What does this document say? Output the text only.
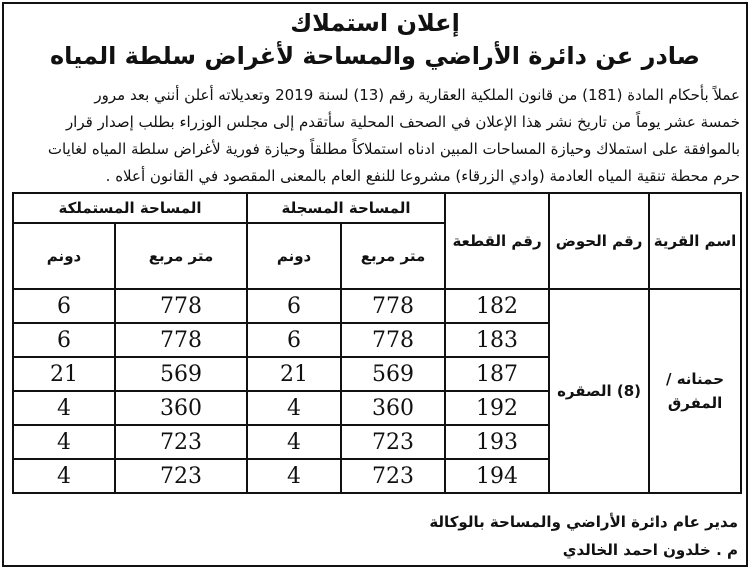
إعلان استملاك
صادر عن دائرة الأراضي والمساحة لأغراض سلطة المياه

عملاً بأحكام المادة (181) من قانون الملكية العقارية رقم (13) لسنة 2019 وتعديلاته أعلن أنني بعد مرور

خمسة عشر يوماً من تاريخ نشر هذا الإعلان في الصحف المحلية سأتقدم إلى مجلس الوزراء بطلب إصدار قرار

بالموافقة على استملاك وحيازة المساحات المبين ادناه استملاكاً مطلقاً وحيازة فورية لأغراض سلطة المياه لغايات

حرم محطة تنقية المياه العادمة (وادي الزرقاء) مشروعا للنفع العام بالمعنى المقصود في القانون أعلاه .

اسم القرية	رقم الحوض	رقم القطعة	المساحة المسجلة		المساحة المستملكة	
			متر مربع	دونم	متر مربع	دونم

حمنانه /
المفرق	(8) الصقره	182	778	6	778	6
		183	778	6	778	6
		187	569	21	569	21
		192	360	4	360	4
		193	723	4	723	4
		194	723	4	723	4
مدير عام دائرة الأراضي والمساحة بالوكالة
م . خلدون احمد الخالدي
